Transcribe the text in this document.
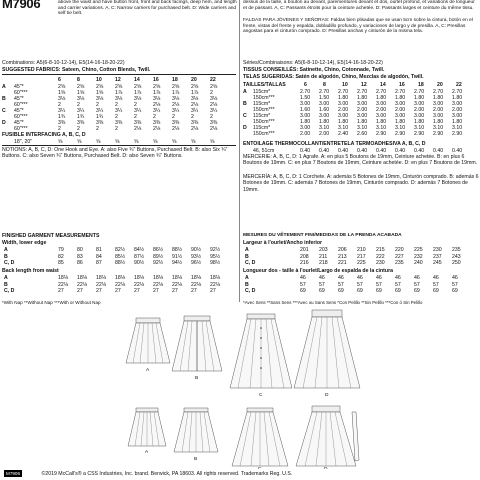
M7906	above the waist and have button front, front and back facings, deep hem, and length and carrier variations. A, C: Narrow carriers for purchased belt. D: Wide carriers and self tie belt.
Combinations: A5(6-8-10-12-14), E5(14-16-18-20-22)
SUGGESTED FABRICS: Sateen, Chino, Cotton Blends, Twill.
6	8	10	12	14	16	18	20	22
A 45"*	2⅝ 2⅝ 2⅝ 2⅝ 2⅝ 2⅝ 2⅝ 2⅝ 2⅝
60"***	1⅝ 1⅝ 1⅝ 1⅞ 1⅞ 1⅞ 1⅞ 1⅞ 2
B 45"*	3⅛ 3⅛ 3⅛ 3⅛ 3⅛ 3⅛ 3⅛ 3⅛ 3⅛
60"***	2	2	2	2	2	2⅛ 2⅛ 2⅛ 2⅛
C 45"*	3¼ 3¼ 3¼ 3¼ 3¼ 3¼ 3¼ 3¼ 3¼
60"***	1¾ 1¾ 1¾ 2	2	2	2	2	2
D 45"*	3⅜ 3⅜ 3⅜ 3⅜ 3⅜ 3⅜ 3⅜ 3⅜ 3⅜
60"***	2	2	2	2	2⅛ 2⅛ 2⅛ 2⅛ 2⅛
FUSIBLE INTERFACING A, B, C, D
18", 20"	⅝	⅝	⅝	⅝	⅝	⅝	⅝	⅝	⅝
NOTIONS: A, B, C, D: One Hook and Eye. A: also Five ¾" Buttons, Purchased Belt. B: also Six ¾" Buttons. C: also Seven ¾" Buttons, Purchased Belt. D: also Seven ¾" Buttons.
FINISHED GARMENT MEASUREMENTS
Width, lower edge
A	79	80	81	82½ 84½ 86½ 88½ 90½ 92½
B	82	83	84	85½ 87½ 89½ 91½ 93½ 95½
C, D	85	86	87	88½ 90½ 92½ 94½ 96½ 98½
Back length from waist
A	18⅛ 18⅛ 18⅛ 18⅛ 18⅛ 18⅛ 18⅛ 18⅛ 18⅛
B	22⅛ 22⅛ 22⅛ 22⅛ 22⅛ 22⅛ 22⅛ 22⅛ 22⅛
C, D	27	27	27	27	27	27	27	27	27
*With Nap **Without Nap ***With or Without Nap
dessus de la taille, à bouton au devant, parementures devant et dos, ourlet profond, et variations de longueur et de passant. A, C: Passants étroits pour la ceinture achetée. D: Passants larges et ceinture du même tissu.
FALDAS PARA JÓVENES Y SEÑORAS: Faldas bien plisadas que se usan 5cm sobre la cintura, botón en el frente, vistas del frente y espalda, dobladillo profundo, y variaciones de largo y de presilla. A, C: Presillas angostas para el cinturón comprado. D: Presillas anchas y cinturón de la misma tela.
Séries/Combinaisons: A5(6-8-10-12-14), E5(14-16-18-20-22)
TISSUS CONSEILLÉS: Satinette, Chino, Cotonnade, Twill.
TELAS SUGERIDAS: Satén de algodón, Chino, Mezclas de algodón, Twill.
TAILLES/TALLAS	6	8	10	12	14	16	18	20	22
A 115cm*	2.70 2.70 2.70 2.70 2.70 2.70 2.70 2.70 2.70
150cm***	1.50 1.50 1.80 1.80 1.80 1.80 1.80 1.80 1.80
B 115cm*	3.00 3.00 3.00 3.00 3.00 3.00 3.00 3.00 3.00
150cm***	1.60 1.60 2.00 2.00 2.00 2.00 2.00 2.00 2.00
C 115cm*	3.00 3.00 3.00 3.00 3.00 3.00 3.00 3.00 3.00
150cm***	1.80 1.80 1.80 1.80 1.80 1.80 1.80 1.80 1.80
D 115cm*	3.00 3.10 3.10 3.10 3.10 3.10 3.10 3.10 3.10
150cm***	2.00 2.00 2.40 2.60 2.90 2.90 2.90 2.90 2.90
ENTOILAGE THERMOCOLLANT/ENTRETELA TERMOADHESIVA A, B, C, D
46, 51cm	0.40 0.40 0.40 0.40 0.40 0.40 0.40 0.40 0.40
MERCERIE: A, B, C, D: 1 Agrafe. A: en plus 5 Boutons de 19mm, Ceinture achetée. B: en plus 6 Boutons de 19mm. C: en plus 7 Boutons de 19mm, Ceinture achetée. D: en plus 7 Boutons de 19mm.
MERCERÍA: A, B, C, D: 1 Corchete. A: además 5 Botones de 19mm, Cinturón comprado. B: además 6 Botones de 19mm. C: además 7 Botones de 19mm, Cinturón comprado. D: además 7 Botones de 19mm.
MESURES DU VÊTEMENT FINI/MEDIDAS DE LA PRENDA ACABADA
Largeur à l'ourlet/Ancho inferior
A	201 203 206 210 215 220 225 230 235
B	208 211 213 217 222 227 232 237 243
C, D	216 218 221 225 230 235 240 245 250
Longueur dos - taille à l'ourlet/Largo de espalda de la cintura
A	46	46	46	46	46	46	46	46	46
B	57	57	57	57	57	57	57	57	57
C, D	69	69	69	69	69	69	69	69	69
*Avec Sens **Sans Sens ***Avec ou Sans Sens *Con Pelillo **Sin Pelillo ***Con ó Sin Pelillo
A
B
C	D
A
B
M7906	©2019 McCall's® a CSS Industries, Inc. brand. Berwick, PA 18603. All rights reserved. Trademarks Reg. U.S.
